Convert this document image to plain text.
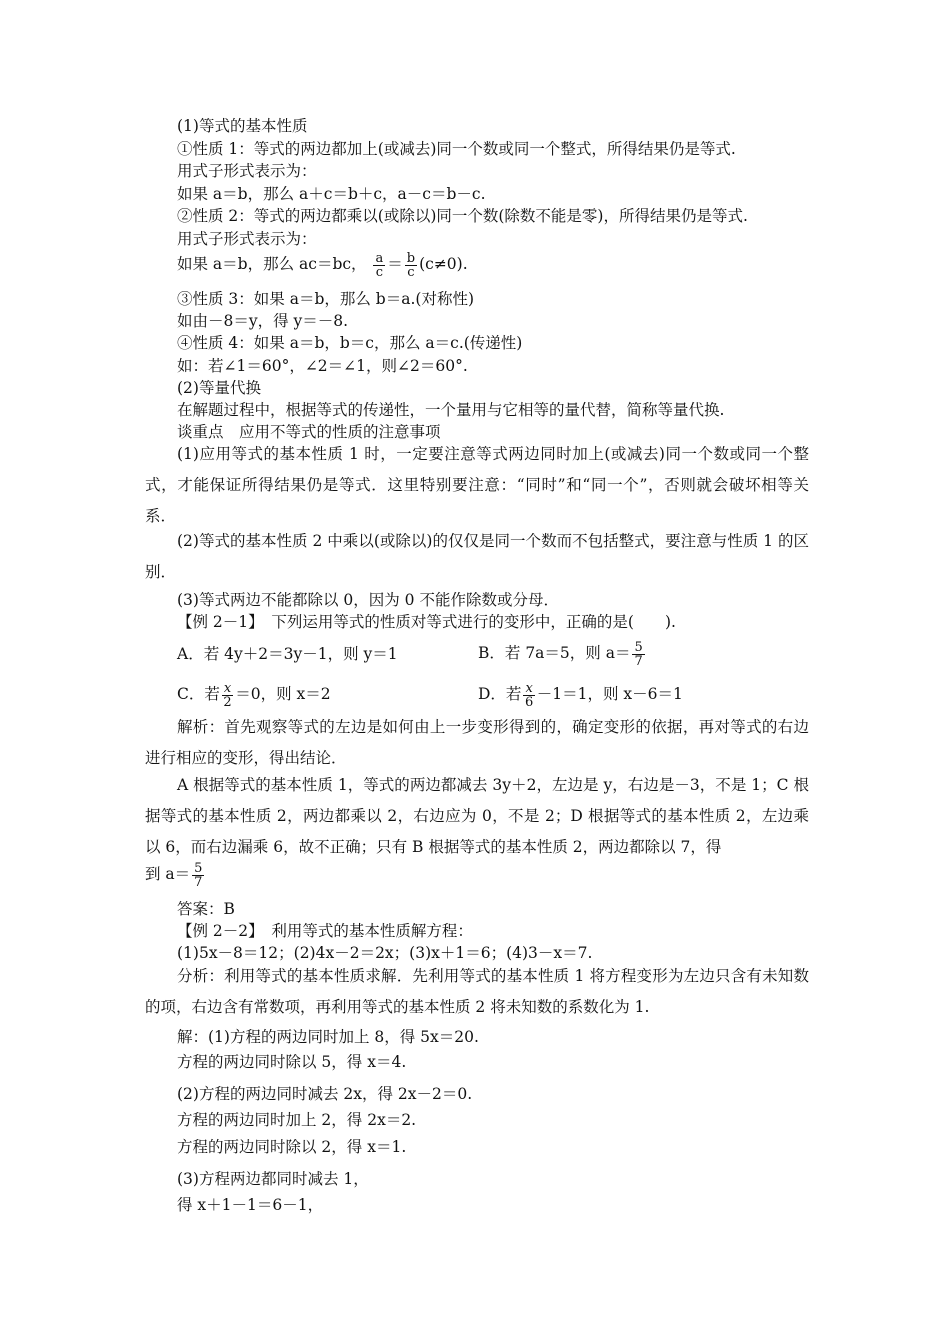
(1)等式的基本性质
①性质 1：等式的两边都加上(或减去)同一个数或同一个整式，所得结果仍是等式.
用式子形式表示为：
如果 a＝b，那么 a＋c＝b＋c，a－c＝b－c.
②性质 2：等式的两边都乘以(或除以)同一个数(除数不能是零)，所得结果仍是等式.
用式子形式表示为：
如果 a＝b，那么 ac＝bc， $\frac{a}{c} = \frac{b}{c} (c\ne 0)$.
③性质 3：如果 a＝b，那么 b＝a.(对称性)
如由－8＝y，得 y＝－8.
④性质 4：如果 a＝b，b＝c，那么 a＝c.(传递性)
如：若∠1＝60°，∠2＝∠1，则∠2＝60°.
(2)等量代换
在解题过程中，根据等式的传递性，一个量用与它相等的量代替，简称等量代换.
谈重点　应用不等式的性质的注意事项
(1)应用等式的基本性质 1 时，一定要注意等式两边同时加上(或减去)同一个数或同一个整式，才能保证所得结果仍是等式．这里特别要注意：“同时”和“同一个”，否则就会破坏相等关系．
(2)等式的基本性质 2 中乘以(或除以)的仅仅是同一个数而不包括整式，要注意与性质 1 的区别．
(3)等式两边不能都除以 0，因为 0 不能作除数或分母．
【例 2－1】　下列运用等式的性质对等式进行的变形中，正确的是(　　).
A．若 4y＋2＝3y－1，则 y＝1	B．若 7a＝5，则 $a= \frac{5}{7}$
C．若 $\frac{x}{2} =0$，则 x＝2	D．若 $\frac{x}{6} -1=1$，则 x－6＝1
解析：首先观察等式的左边是如何由上一步变形得到的，确定变形的依据，再对等式的右边进行相应的变形，得出结论．
A 根据等式的基本性质 1，等式的两边都减去 3y＋2，左边是 y，右边是－3，不是 1；C 根据等式的基本性质 2，两边都乘以 2，右边应为 0，不是 2；D 根据等式的基本性质 2，左边乘以 6，而右边漏乘 6，故不正确；只有 B 根据等式的基本性质 2，两边都除以 7，得
到 $a= \frac{5}{7}$
答案：B
【例 2－2】　利用等式的基本性质解方程：
(1)5x－8＝12；(2)4x－2＝2x；(3)x＋1＝6；(4)3－x＝7.
分析：利用等式的基本性质求解．先利用等式的基本性质 1 将方程变形为左边只含有未知数的项，右边含有常数项，再利用等式的基本性质 2 将未知数的系数化为 1.
解：(1)方程的两边同时加上 8，得 5x＝20.
方程的两边同时除以 5，得 x＝4.
(2)方程的两边同时减去 2x，得 2x－2＝0.
方程的两边同时加上 2，得 2x＝2.
方程的两边同时除以 2，得 x＝1.
(3)方程两边都同时减去 1，
得 x＋1－1＝6－1，
